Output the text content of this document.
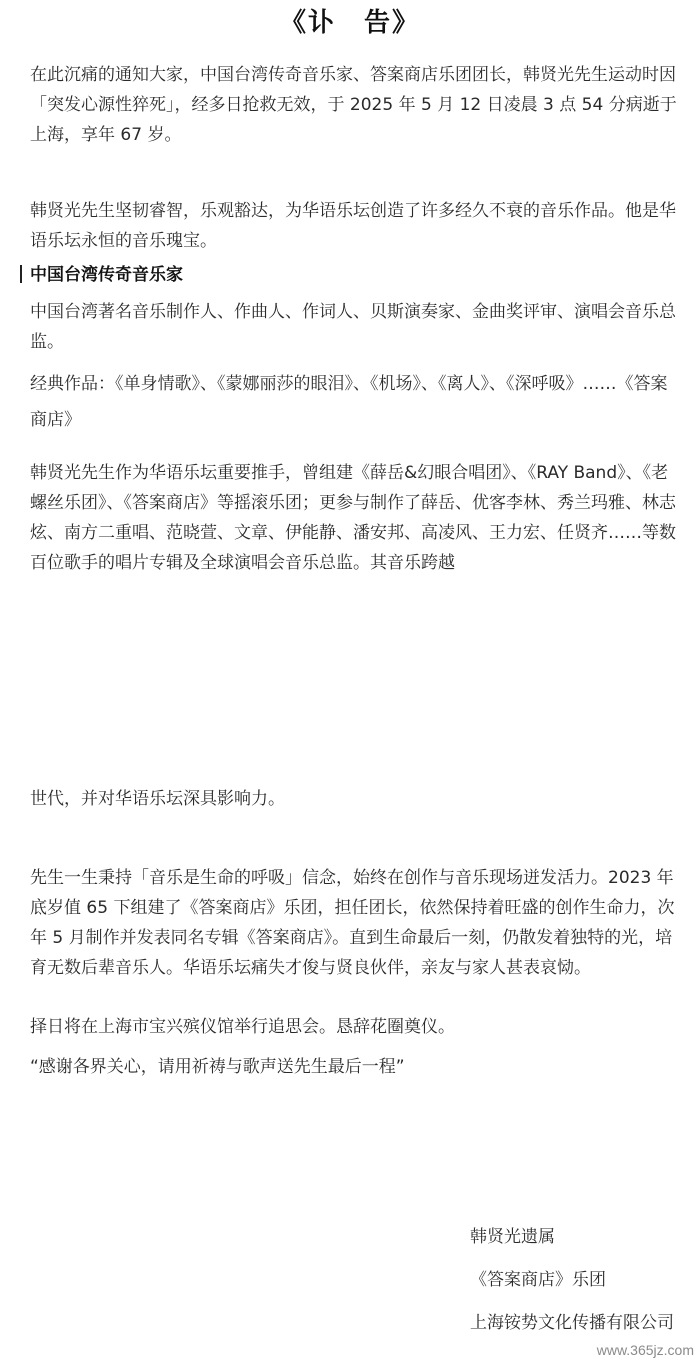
《讣　告》
在此沉痛的通知大家，中国台湾传奇音乐家、答案商店乐团团长，韩贤光先生运动时因「突发心源性猝死」，经多日抢救无效，于 2025 年 5 月 12 日凌晨 3 点 54 分病逝于上海，享年 67 岁。
韩贤光先生坚韧睿智，乐观豁达，为华语乐坛创造了许多经久不衰的音乐作品。他是华语乐坛永恒的音乐瑰宝。
中国台湾传奇音乐家
中国台湾著名音乐制作人、作曲人、作词人、贝斯演奏家、金曲奖评审、演唱会音乐总监。
经典作品：《单身情歌》、《蒙娜丽莎的眼泪》、《机场》、《离人》、《深呼吸》……《答案商店》
韩贤光先生作为华语乐坛重要推手，曾组建《薛岳&幻眼合唱团》、《RAY Band》、《老螺丝乐团》、《答案商店》等摇滚乐团；更参与制作了薛岳、优客李林、秀兰玛雅、林志炫、南方二重唱、范晓萱、文章、伊能静、潘安邦、高凌风、王力宏、任贤齐……等数百位歌手的唱片专辑及全球演唱会音乐总监。其音乐跨越
世代，并对华语乐坛深具影响力。
先生一生秉持「音乐是生命的呼吸」信念，始终在创作与音乐现场迸发活力。2023 年底岁值 65 下组建了《答案商店》乐团，担任团长，依然保持着旺盛的创作生命力，次年 5 月制作并发表同名专辑《答案商店》。直到生命最后一刻，仍散发着独特的光，培育无数后辈音乐人。华语乐坛痛失才俊与贤良伙伴，亲友与家人甚表哀恸。
择日将在上海市宝兴殡仪馆举行追思会。恳辞花圈奠仪。
“感谢各界关心，请用祈祷与歌声送先生最后一程”
韩贤光遗属
《答案商店》乐团
上海铵势文化传播有限公司
www.365jz.com
